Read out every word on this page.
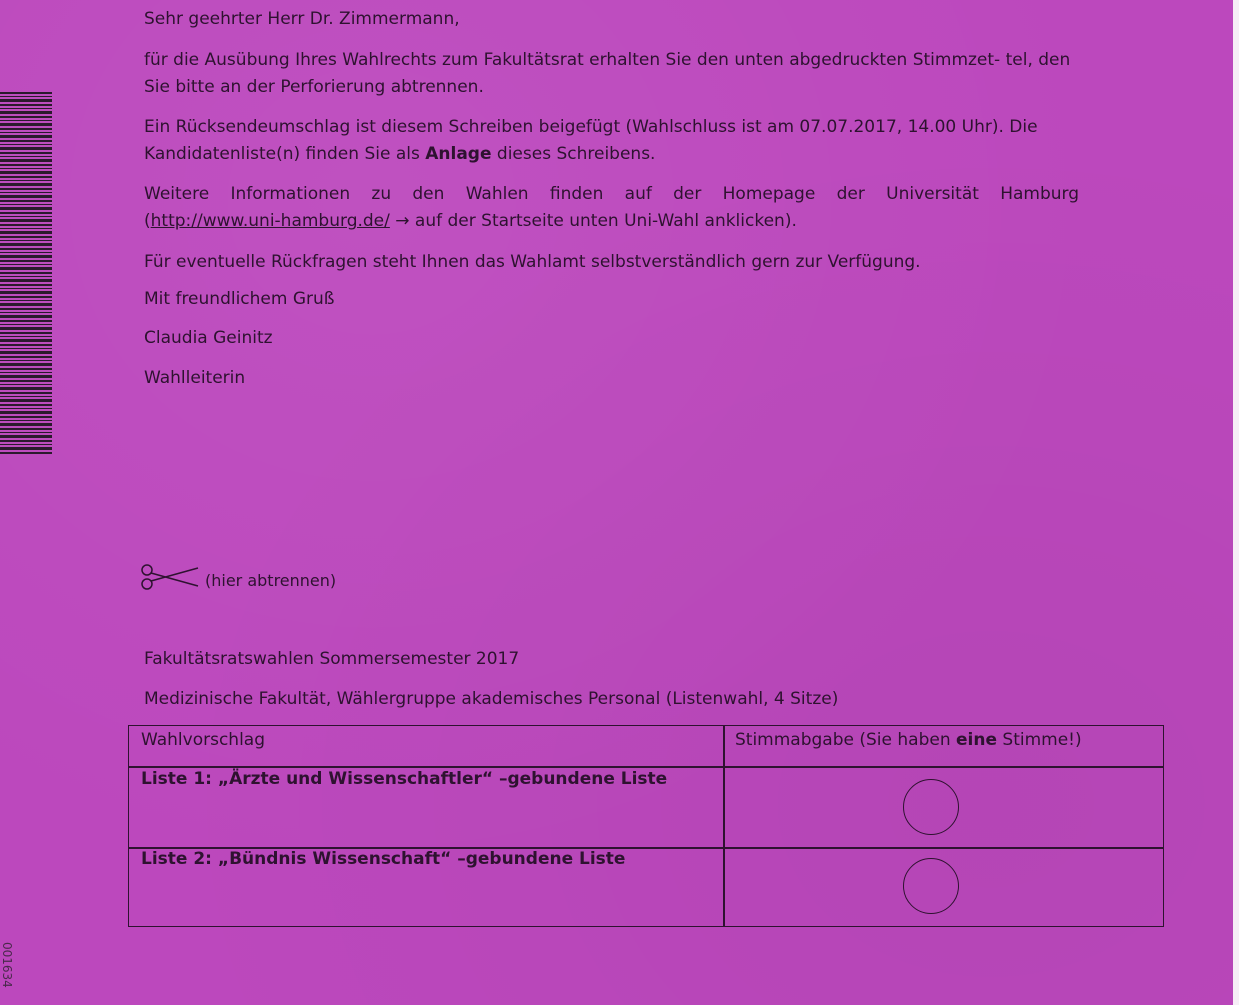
Sehr geehrter Herr Dr. Zimmermann,

für die Ausübung Ihres Wahlrechts zum Fakultätsrat erhalten Sie den unten abgedruckten Stimmzet- tel, den Sie bitte an der Perforierung abtrennen.

Ein Rücksendeumschlag ist diesem Schreiben beigefügt (Wahlschluss ist am 07.07.2017, 14.00 Uhr). Die Kandidatenliste(n) finden Sie als Anlage dieses Schreibens.

Weitere Informationen zu den Wahlen finden auf der Homepage der Universität Hamburg

(http://www.uni-hamburg.de/ → auf der Startseite unten Uni-Wahl anklicken).

Für eventuelle Rückfragen steht Ihnen das Wahlamt selbstverständlich gern zur Verfügung.

Mit freundlichem Gruß

Claudia Geinitz

Wahlleiterin

(hier abtrennen)

Fakultätsratswahlen Sommersemester 2017

Medizinische Fakultät, Wählergruppe akademisches Personal (Listenwahl, 4 Sitze)

Wahlvorschlag	Stimmabgabe (Sie haben eine Stimme!)
Liste 1: „Ärzte und Wissenschaftler“ –gebundene Liste
Liste 2: „Bündnis Wissenschaft“ –gebundene Liste
001634
